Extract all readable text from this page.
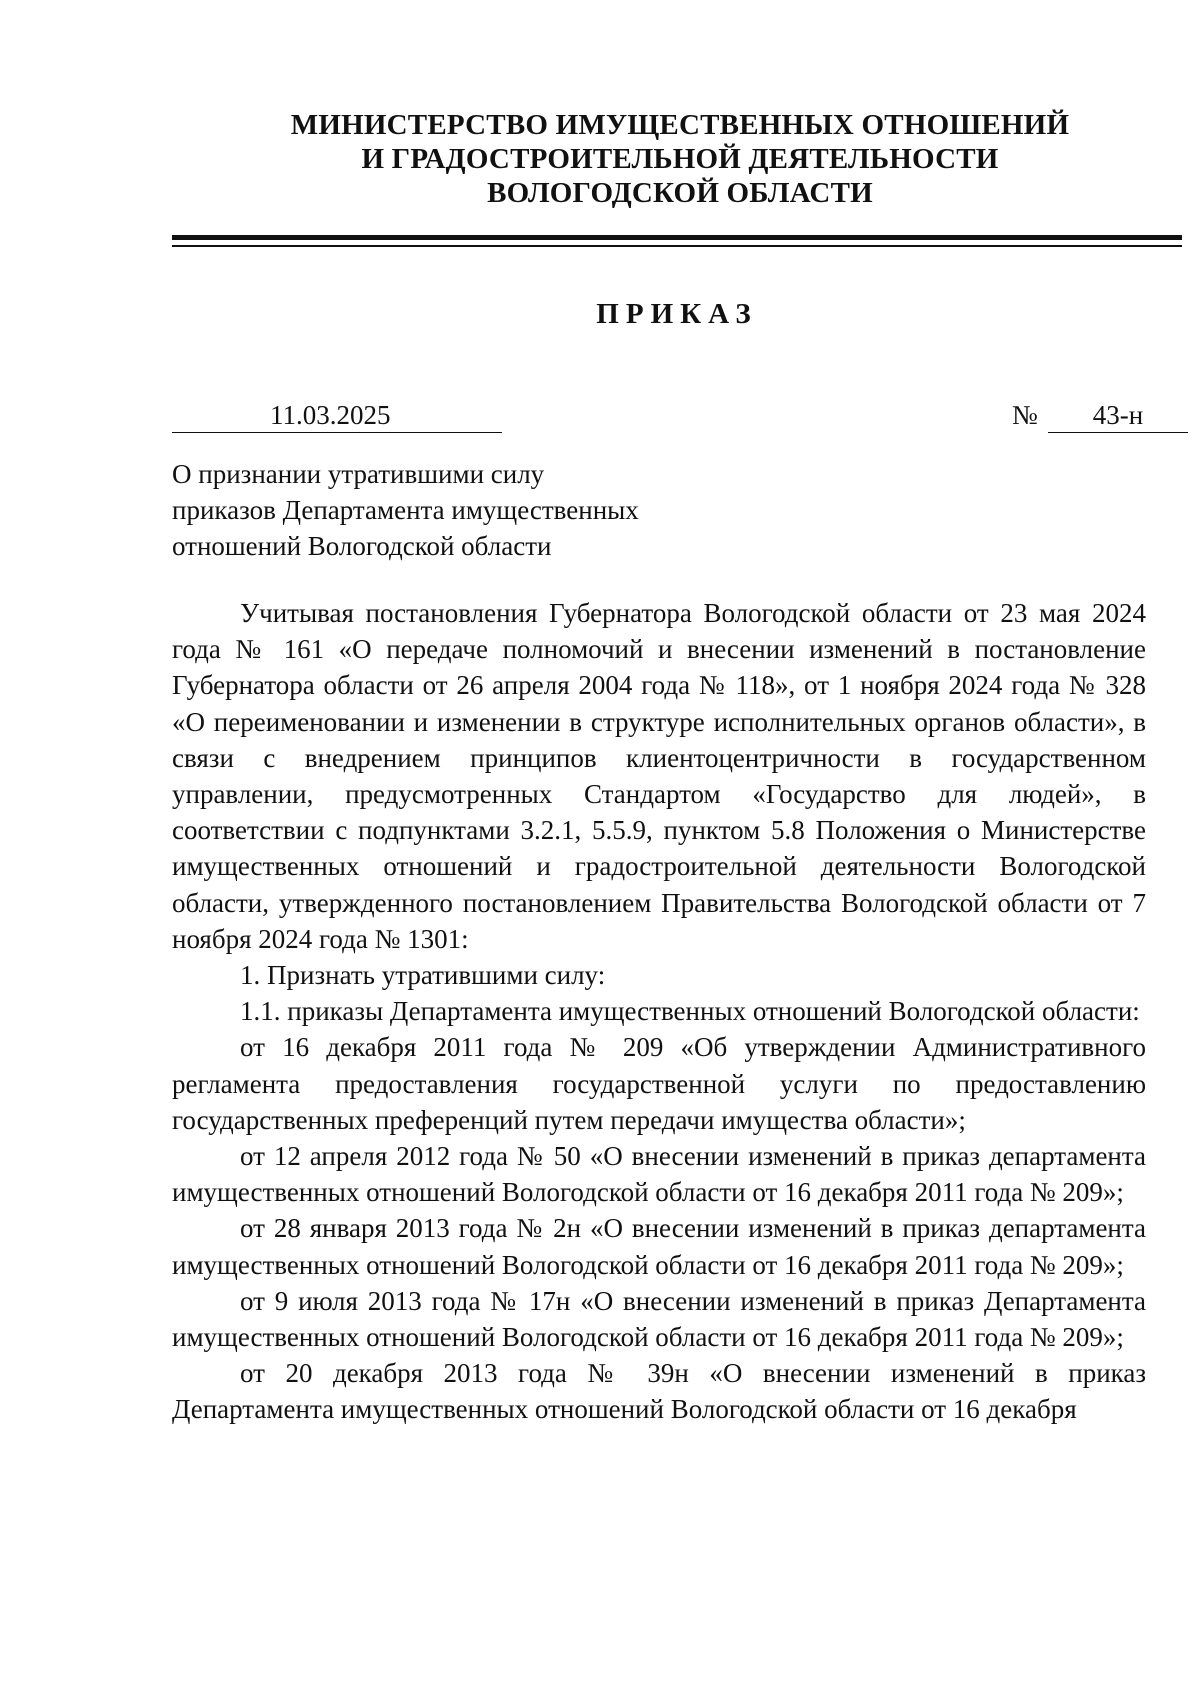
МИНИСТЕРСТВО ИМУЩЕСТВЕННЫХ ОТНОШЕНИЙ
И ГРАДОСТРОИТЕЛЬНОЙ ДЕЯТЕЛЬНОСТИ
ВОЛОГОДСКОЙ ОБЛАСТИ
ПРИКАЗ
11.03.2025	№	43-н
О признании утратившими силу
приказов Департамента имущественных
отношений Вологодской области

Учитывая постановления Губернатора Вологодской области от 23 мая 2024 года № 161 «О передаче полномочий и внесении изменений в постановление Губернатора области от 26 апреля 2004 года № 118», от 1 ноября 2024 года № 328 «О переименовании и изменении в структуре исполнительных органов области», в связи с внедрением принципов клиентоцентричности в государственном управлении, предусмотренных Стандартом «Государство для людей», в соответствии с подпунктами 3.2.1, 5.5.9, пунктом 5.8 Положения о Министерстве имущественных отношений и градостроительной деятельности Вологодской области, утвержденного постановлением Правительства Вологодской области от 7 ноября 2024 года № 1301:

1. Признать утратившими силу:

1.1. приказы Департамента имущественных отношений Вологодской области:

от 16 декабря 2011 года № 209 «Об утверждении Административного регламента предоставления государственной услуги по предоставлению государственных преференций путем передачи имущества области»;

от 12 апреля 2012 года № 50 «О внесении изменений в приказ департамента имущественных отношений Вологодской области от 16 декабря 2011 года № 209»;

от 28 января 2013 года № 2н «О внесении изменений в приказ департамента имущественных отношений Вологодской области от 16 декабря 2011 года № 209»;

от 9 июля 2013 года № 17н «О внесении изменений в приказ Департамента имущественных отношений Вологодской области от 16 декабря 2011 года № 209»;

от 20 декабря 2013 года № 39н «О внесении изменений в приказ Департамента имущественных отношений Вологодской области от 16 декабря
